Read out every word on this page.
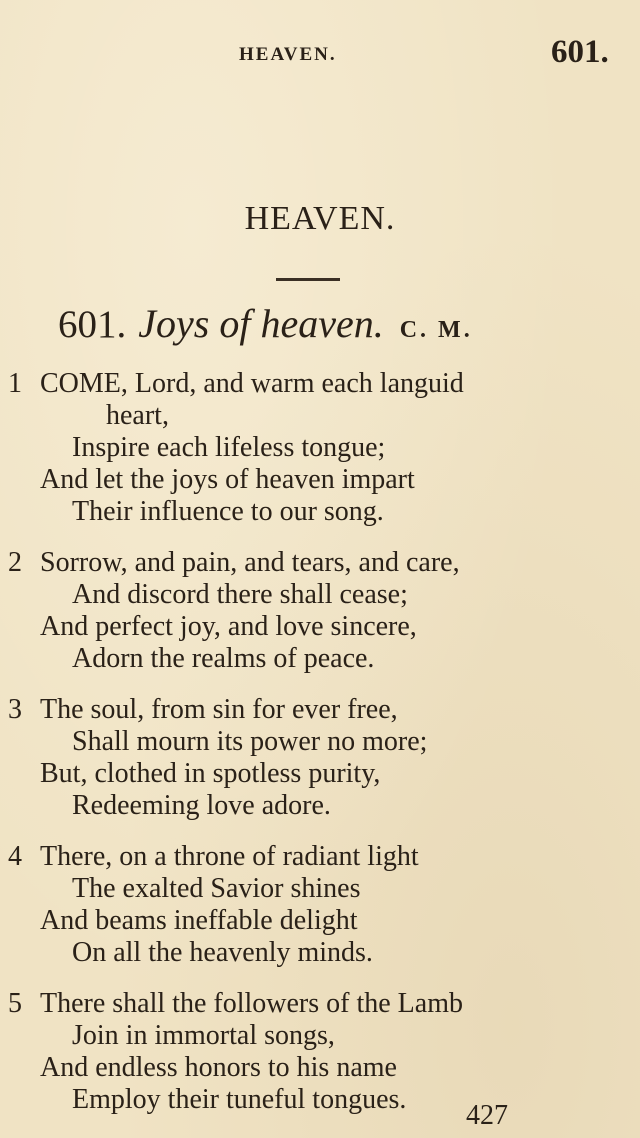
HEAVEN.	601.
HEAVEN.
601. Joys of heaven. C. M.
1 COME, Lord, and warm each languid
heart,
Inspire each lifeless tongue;
And let the joys of heaven impart
Their influence to our song.
2 Sorrow, and pain, and tears, and care,
And discord there shall cease;
And perfect joy, and love sincere,
Adorn the realms of peace.
3 The soul, from sin for ever free,
Shall mourn its power no more;
But, clothed in spotless purity,
Redeeming love adore.
4 There, on a throne of radiant light
The exalted Savior shines
And beams ineffable delight
On all the heavenly minds.
5 There shall the followers of the Lamb
Join in immortal songs,
And endless honors to his name
Employ their tuneful tongues.
427
